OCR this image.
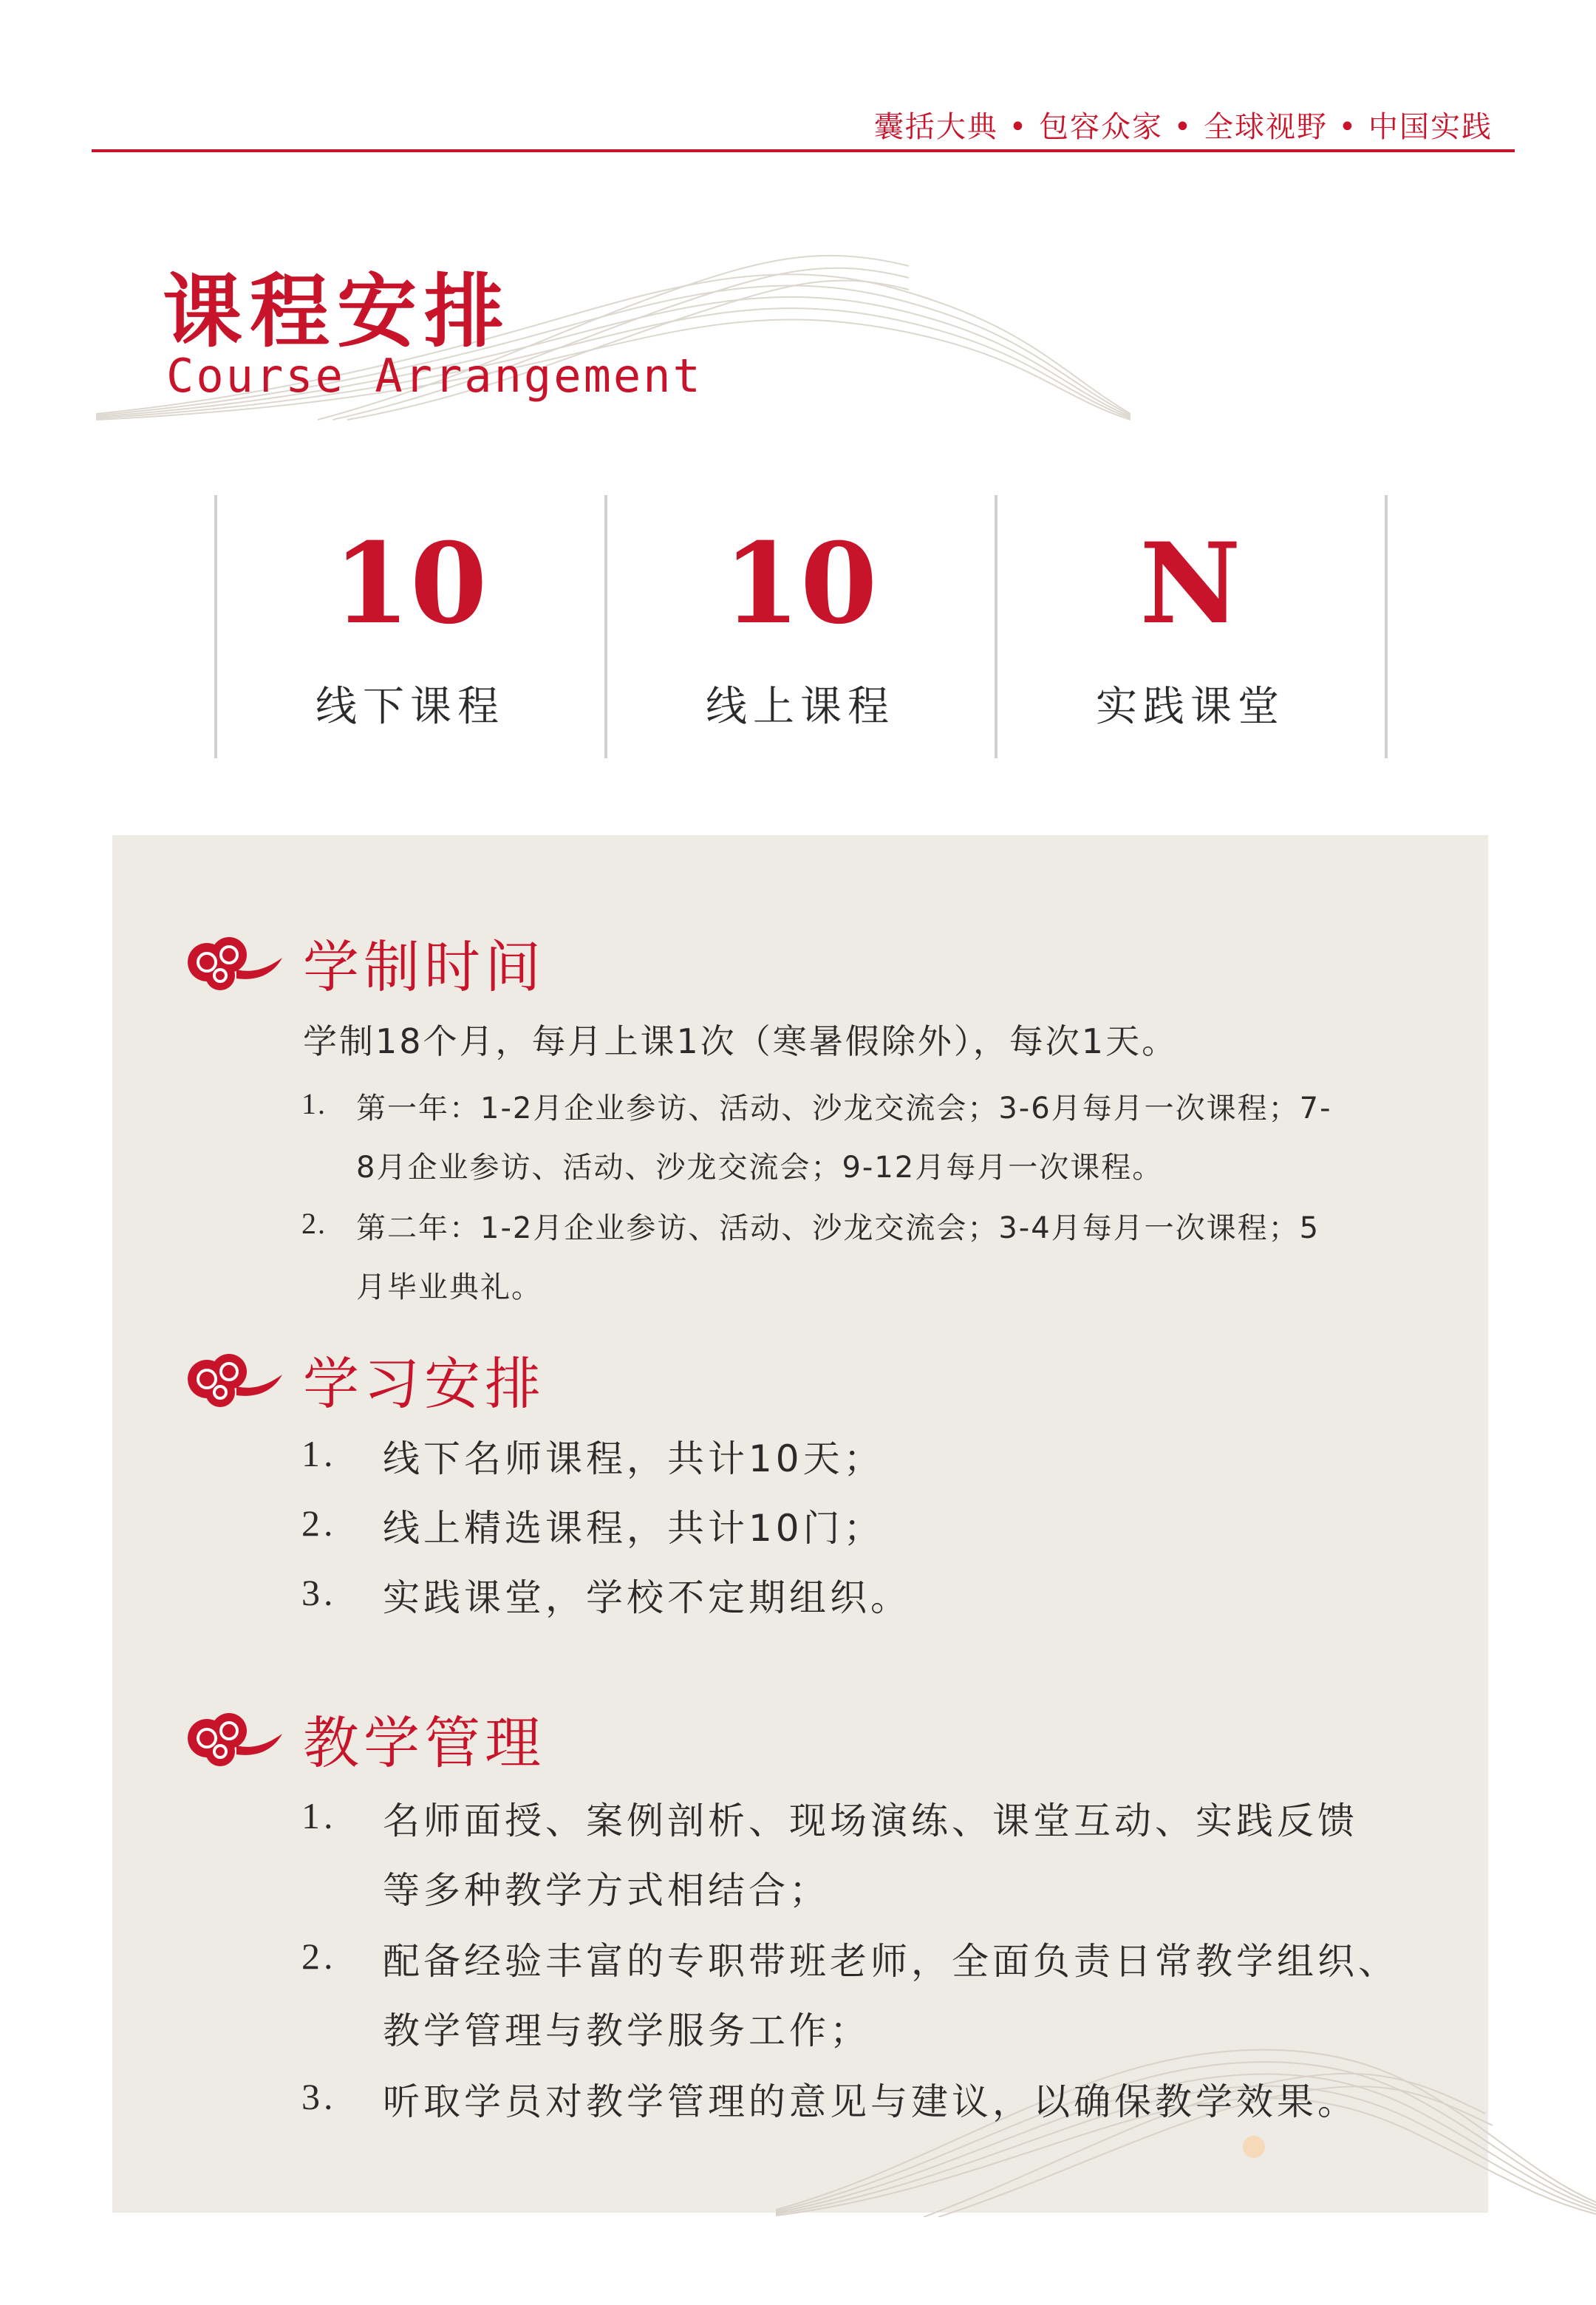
囊括大典 • 包容众家 • 全球视野 • 中国实践
课程安排
Course Arrangement
10
线下课程
10
线上课程
N
实践课堂
学制时间
学制18个月，每月上课1次（寒暑假除外），每次1天。
1. 第一年：1-2月企业参访、活动、沙龙交流会；3-6月每月一次课程；7-
8月企业参访、活动、沙龙交流会；9-12月每月一次课程。
2. 第二年：1-2月企业参访、活动、沙龙交流会；3-4月每月一次课程；5
月毕业典礼。
学习安排
1. 线下名师课程，共计10天；
2. 线上精选课程，共计10门；
3. 实践课堂，学校不定期组织。
教学管理
1. 名师面授、案例剖析、现场演练、课堂互动、实践反馈
等多种教学方式相结合；
2. 配备经验丰富的专职带班老师，全面负责日常教学组织、
教学管理与教学服务工作；
3. 听取学员对教学管理的意见与建议，以确保教学效果。
